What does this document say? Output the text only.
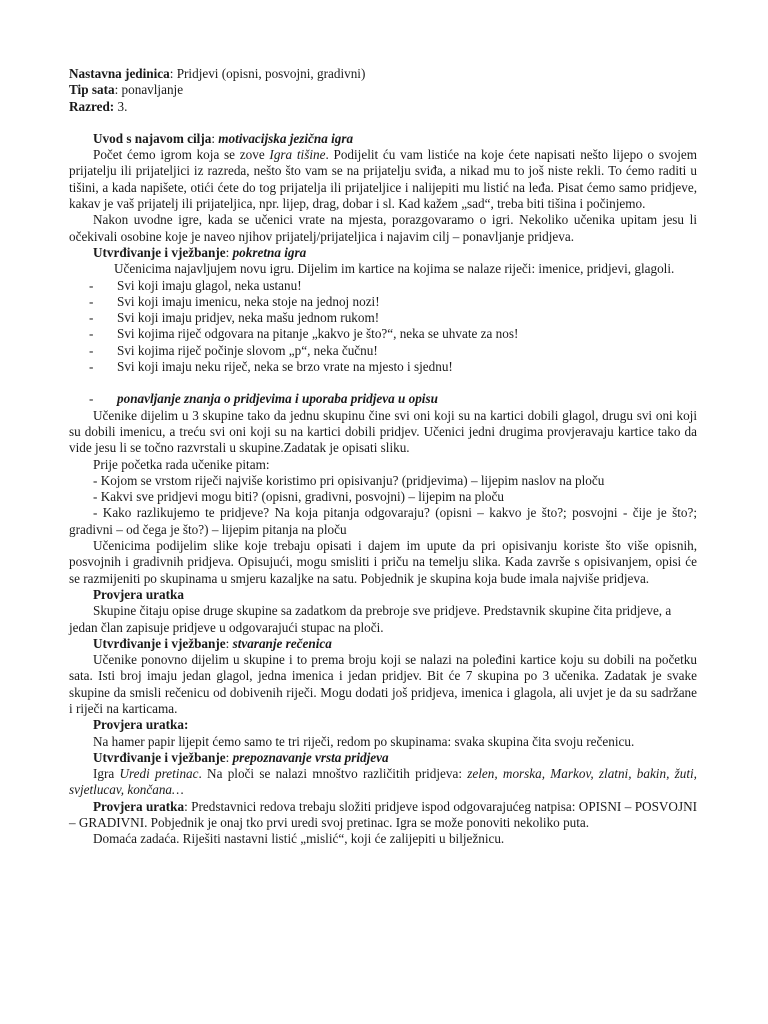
Nastavna jedinica: Pridjevi (opisni, posvojni, gradivni)

Tip sata: ponavljanje

Razred: 3.

Uvod s najavom cilja: motivacijska jezična igra

Počet ćemo igrom koja se zove Igra tišine. Podijelit ću vam listiće na koje ćete napisati nešto lijepo o svojem prijatelju ili prijateljici iz razreda, nešto što vam se na prijatelju sviđa, a nikad mu to još niste rekli. To ćemo raditi u tišini, a kada napišete, otići ćete do tog prijatelja ili prijateljice i nalijepiti mu listić na leđa. Pisat ćemo samo pridjeve, kakav je vaš prijatelj ili prijateljica, npr. lijep, drag, dobar i sl. Kad kažem „sad“, treba biti tišina i počinjemo.

Nakon uvodne igre, kada se učenici vrate na mjesta, porazgovaramo o igri. Nekoliko učenika upitam jesu li očekivali osobine koje je naveo njihov prijatelj/prijateljica i najavim cilj – ponavljanje pridjeva.

Utvrđivanje i vježbanje: pokretna igra

Učenicima najavljujem novu igru. Dijelim im kartice na kojima se nalaze riječi: imenice, pridjevi, glagoli.

- Svi koji imaju glagol, neka ustanu!
- Svi koji imaju imenicu, neka stoje na jednoj nozi!
- Svi koji imaju pridjev, neka mašu jednom rukom!
- Svi kojima riječ odgovara na pitanje „kakvo je što?“, neka se uhvate za nos!
- Svi kojima riječ počinje slovom „p“, neka čučnu!
- Svi koji imaju neku riječ, neka se brzo vrate na mjesto i sjednu!

- ponavljanje znanja o pridjevima i uporaba pridjeva u opisu

Učenike dijelim u 3 skupine tako da jednu skupinu čine svi oni koji su na kartici dobili glagol, drugu svi oni koji su dobili imenicu, a treću svi oni koji su na kartici dobili pridjev. Učenici jedni drugima provjeravaju kartice tako da vide jesu li se točno razvrstali u skupine.Zadatak je opisati sliku.

Prije početka rada učenike pitam:

- Kojom se vrstom riječi najviše koristimo pri opisivanju? (pridjevima) – lijepim naslov na ploču

- Kakvi sve pridjevi mogu biti? (opisni, gradivni, posvojni) – lijepim na ploču

- Kako razlikujemo te pridjeve? Na koja pitanja odgovaraju? (opisni – kakvo je što?; posvojni - čije je što?; gradivni – od čega je što?) – lijepim pitanja na ploču

Učenicima podijelim slike koje trebaju opisati i dajem im upute da pri opisivanju koriste što više opisnih, posvojnih i gradivnih pridjeva. Opisujući, mogu smisliti i priču na temelju slika. Kada završe s opisivanjem, opisi će se razmijeniti po skupinama u smjeru kazaljke na satu. Pobjednik je skupina koja bude imala najviše pridjeva.

Provjera uratka

Skupine čitaju opise druge skupine sa zadatkom da prebroje sve pridjeve. Predstavnik skupine čita pridjeve, a jedan član zapisuje pridjeve u odgovarajući stupac na ploči.

Utvrđivanje i vježbanje: stvaranje rečenica

Učenike ponovno dijelim u skupine i to prema broju koji se nalazi na poleđini kartice koju su dobili na početku sata. Isti broj imaju jedan glagol, jedna imenica i jedan pridjev. Bit će 7 skupina po 3 učenika. Zadatak je svake skupine da smisli rečenicu od dobivenih riječi. Mogu dodati još pridjeva, imenica i glagola, ali uvjet je da su sadržane i riječi na karticama.

Provjera uratka:

Na hamer papir lijepit ćemo samo te tri riječi, redom po skupinama: svaka skupina čita svoju rečenicu.

Utvrđivanje i vježbanje: prepoznavanje vrsta pridjeva

Igra Uredi pretinac. Na ploči se nalazi mnoštvo različitih pridjeva: zelen, morska, Markov, zlatni, bakin, žuti, svjetlucav, končana…

Provjera uratka: Predstavnici redova trebaju složiti pridjeve ispod odgovarajućeg natpisa: OPISNI – POSVOJNI – GRADIVNI. Pobjednik je onaj tko prvi uredi svoj pretinac. Igra se može ponoviti nekoliko puta.

Domaća zadaća. Riješiti nastavni listić „mislić“, koji će zalijepiti u bilježnicu.
